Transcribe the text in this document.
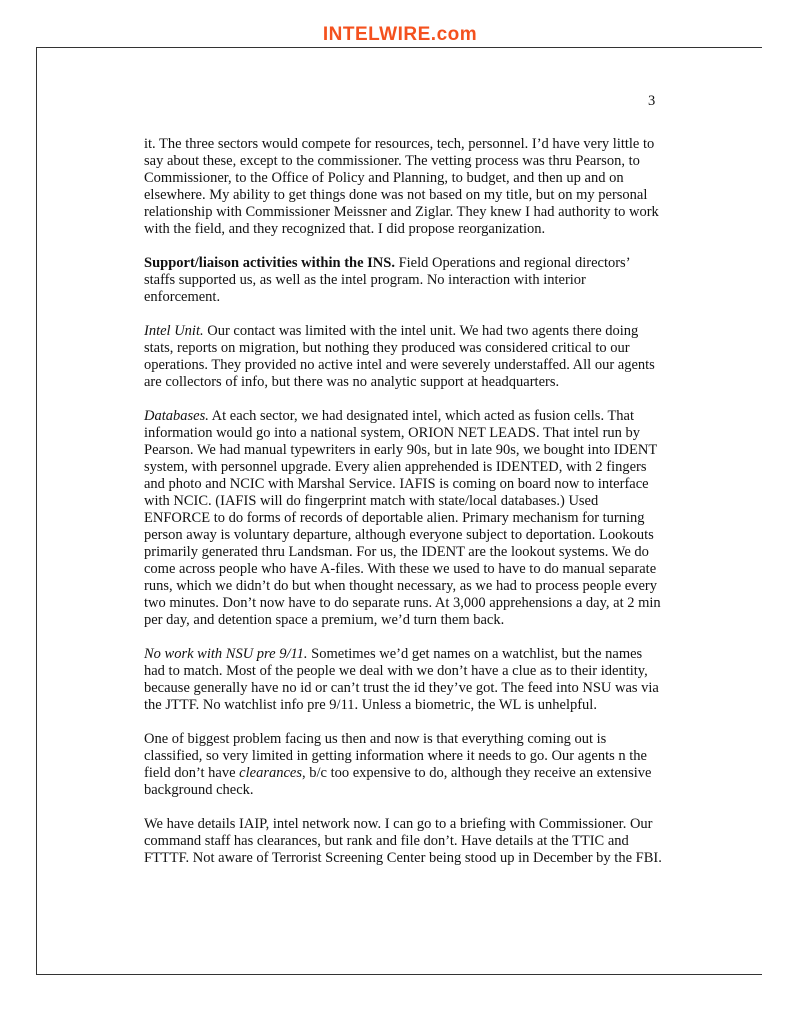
INTELWIRE.com
3

it. The three sectors would compete for resources, tech, personnel. I’d have very little to say about these, except to the commissioner. The vetting process was thru Pearson, to Commissioner, to the Office of Policy and Planning, to budget, and then up and on elsewhere. My ability to get things done was not based on my title, but on my personal relationship with Commissioner Meissner and Ziglar. They knew I had authority to work with the field, and they recognized that. I did propose reorganization.

Support/liaison activities within the INS. Field Operations and regional directors’ staffs supported us, as well as the intel program. No interaction with interior enforcement.

Intel Unit. Our contact was limited with the intel unit. We had two agents there doing stats, reports on migration, but nothing they produced was considered critical to our operations. They provided no active intel and were severely understaffed. All our agents are collectors of info, but there was no analytic support at headquarters.

Databases. At each sector, we had designated intel, which acted as fusion cells. That information would go into a national system, ORION NET LEADS. That intel run by Pearson. We had manual typewriters in early 90s, but in late 90s, we bought into IDENT system, with personnel upgrade. Every alien apprehended is IDENTED, with 2 fingers and photo and NCIC with Marshal Service. IAFIS is coming on board now to interface with NCIC. (IAFIS will do fingerprint match with state/local databases.) Used ENFORCE to do forms of records of deportable alien. Primary mechanism for turning person away is voluntary departure, although everyone subject to deportation. Lookouts primarily generated thru Landsman. For us, the IDENT are the lookout systems. We do come across people who have A-files. With these we used to have to do manual separate runs, which we didn’t do but when thought necessary, as we had to process people every two minutes. Don’t now have to do separate runs. At 3,000 apprehensions a day, at 2 min per day, and detention space a premium, we’d turn them back.

No work with NSU pre 9/11. Sometimes we’d get names on a watchlist, but the names had to match. Most of the people we deal with we don’t have a clue as to their identity, because generally have no id or can’t trust the id they’ve got. The feed into NSU was via the JTTF. No watchlist info pre 9/11. Unless a biometric, the WL is unhelpful.

One of biggest problem facing us then and now is that everything coming out is classified, so very limited in getting information where it needs to go. Our agents n the field don’t have clearances, b/c too expensive to do, although they receive an extensive background check.

We have details IAIP, intel network now. I can go to a briefing with Commissioner. Our command staff has clearances, but rank and file don’t. Have details at the TTIC and FTTTF. Not aware of Terrorist Screening Center being stood up in December by the FBI.
